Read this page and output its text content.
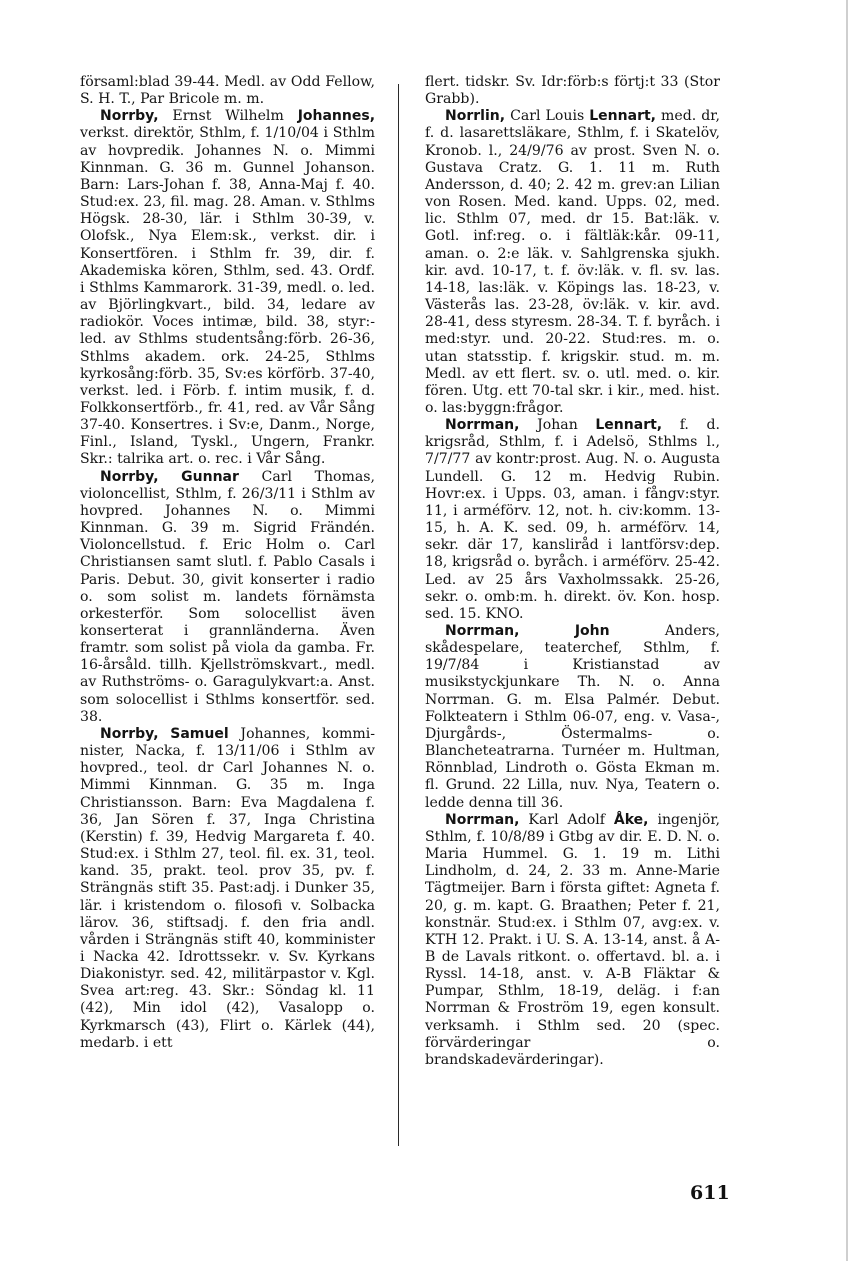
församl:blad 39-44. Medl. av Odd Fellow, S. H. T., Par Bricole m. m.

Norrby, Ernst Wilhelm Johannes, verkst. direktör, Sthlm, f. 1/10/04 i Sthlm av hovpredik. Johannes N. o. Mimmi Kinnman. G. 36 m. Gunnel Johanson. Barn: Lars-Johan f. 38, Anna-Maj f. 40. Stud:ex. 23, fil. mag. 28. Aman. v. Sthlms Högsk. 28-30, lär. i Sthlm 30-39, v. Olofsk., Nya Elem:sk., verkst. dir. i Konsertfören. i Sthlm fr. 39, dir. f. Akademiska kören, Sthlm, sed. 43. Ordf. i Sthlms Kammarork. 31-39, medl. o. led. av Björlingkvart., bild. 34, ledare av radiokör. Voces intimæ, bild. 38, styr:-led. av Sthlms studentsång:förb. 26-36, Sthlms akadem. ork. 24-25, Sthlms kyrkosång:förb. 35, Sv:es körförb. 37-40, verkst. led. i Förb. f. intim musik, f. d. Folkkonsertförb., fr. 41, red. av Vår Sång 37-40. Konsertres. i Sv:e, Danm., Norge, Finl., Island, Tyskl., Ungern, Frankr. Skr.: talrika art. o. rec. i Vår Sång.

Norrby, Gunnar Carl Thomas, violoncellist, Sthlm, f. 26/3/11 i Sthlm av hovpred. Johannes N. o. Mimmi Kinnman. G. 39 m. Sigrid Frändén. Violoncellstud. f. Eric Holm o. Carl Christiansen samt slutl. f. Pablo Casals i Paris. Debut. 30, givit konserter i radio o. som solist m. landets förnämsta orkesterför. Som solocellist även konserterat i grannländerna. Även framtr. som solist på viola da gamba. Fr. 16-årsåld. tillh. Kjellströmskvart., medl. av Ruthströms- o. Garagulykvart:a. Anst. som solocellist i Sthlms konsertför. sed. 38.

Norrby, Samuel Johannes, kommi-nister, Nacka, f. 13/11/06 i Sthlm av hovpred., teol. dr Carl Johannes N. o. Mimmi Kinnman. G. 35 m. Inga Christiansson. Barn: Eva Magdalena f. 36, Jan Sören f. 37, Inga Christina (Kerstin) f. 39, Hedvig Margareta f. 40. Stud:ex. i Sthlm 27, teol. fil. ex. 31, teol. kand. 35, prakt. teol. prov 35, pv. f. Strängnäs stift 35. Past:adj. i Dunker 35, lär. i kristendom o. filosofi v. Solbacka lärov. 36, stiftsadj. f. den fria andl. vården i Strängnäs stift 40, komminister i Nacka 42. Idrottssekr. v. Sv. Kyrkans Diakonistyr. sed. 42, militärpastor v. Kgl. Svea art:reg. 43. Skr.: Söndag kl. 11 (42), Min idol (42), Vasalopp o. Kyrkmarsch (43), Flirt o. Kärlek (44), medarb. i ett

flert. tidskr. Sv. Idr:förb:s förtj:t 33 (Stor Grabb).

Norrlin, Carl Louis Lennart, med. dr, f. d. lasarettsläkare, Sthlm, f. i Skatelöv, Kronob. l., 24/9/76 av prost. Sven N. o. Gustava Cratz. G. 1. 11 m. Ruth Andersson, d. 40; 2. 42 m. grev:an Lilian von Rosen. Med. kand. Upps. 02, med. lic. Sthlm 07, med. dr 15. Bat:läk. v. Gotl. inf:reg. o. i fältläk:kår. 09-11, aman. o. 2:e läk. v. Sahlgrenska sjukh. kir. avd. 10-17, t. f. öv:läk. v. fl. sv. las. 14-18, las:läk. v. Köpings las. 18-23, v. Västerås las. 23-28, öv:läk. v. kir. avd. 28-41, dess styresm. 28-34. T. f. byråch. i med:styr. und. 20-22. Stud:res. m. o. utan statsstip. f. krigskir. stud. m. m. Medl. av ett flert. sv. o. utl. med. o. kir. fören. Utg. ett 70-tal skr. i kir., med. hist. o. las:byggn:frågor.

Norrman, Johan Lennart, f. d. krigsråd, Sthlm, f. i Adelsö, Sthlms l., 7/7/77 av kontr:prost. Aug. N. o. Augusta Lundell. G. 12 m. Hedvig Rubin. Hovr:ex. i Upps. 03, aman. i fångv:styr. 11, i arméförv. 12, not. h. civ:komm. 13-15, h. A. K. sed. 09, h. arméförv. 14, sekr. där 17, kansliråd i lantförsv:dep. 18, krigsråd o. byråch. i arméförv. 25-42. Led. av 25 års Vaxholmssakk. 25-26, sekr. o. omb:m. h. direkt. öv. Kon. hosp. sed. 15. KNO.

Norrman,	John	Anders, skådespelare, teaterchef, Sthlm, f. 19/7/84 i Kristianstad av musikstyckjunkare Th. N. o. Anna Norrman. G. m. Elsa Palmér. Debut. Folkteatern i Sthlm 06-07, eng. v. Vasa-, Djurgårds-, Östermalms- o. Blancheteatrarna. Turnéer m. Hultman, Rönnblad, Lindroth o. Gösta Ekman m. fl. Grund. 22 Lilla, nuv. Nya, Teatern o. ledde denna till 36.

Norrman, Karl Adolf Åke, ingenjör, Sthlm, f. 10/8/89 i Gtbg av dir. E. D. N. o. Maria Hummel. G. 1. 19 m. Lithi Lindholm, d. 24, 2. 33 m. Anne-Marie Tägtmeijer. Barn i första giftet: Agneta f. 20, g. m. kapt. G. Braathen; Peter f. 21, konstnär. Stud:ex. i Sthlm 07, avg:ex. v. KTH 12. Prakt. i U. S. A. 13-14, anst. å A-B de Lavals ritkont. o. offertavd. bl. a. i Ryssl. 14-18, anst. v. A-B Fläktar & Pumpar, Sthlm, 18-19, deläg. i f:an Norrman & Froström 19, egen konsult. verksamh. i Sthlm sed. 20 (spec. förvärderingar o. brandskadevärderingar).

611
